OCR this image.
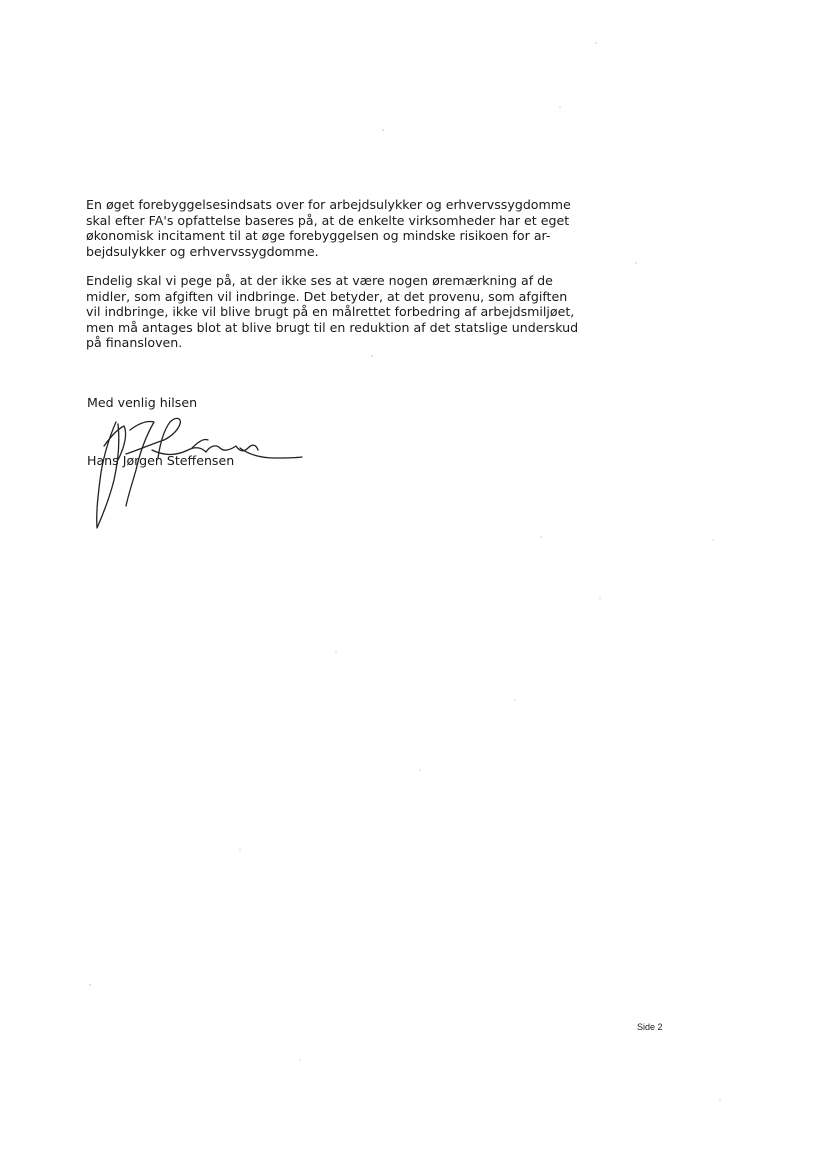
En øget forebyggelsesindsats over for arbejdsulykker og erhvervssygdomme
skal efter FA's opfattelse baseres på, at de enkelte virksomheder har et eget
økonomisk incitament til at øge forebyggelsen og mindske risikoen for ar-
bejdsulykker og erhvervssygdomme.

Endelig skal vi pege på, at der ikke ses at være nogen øremærkning af de
midler, som afgiften vil indbringe. Det betyder, at det provenu, som afgiften
vil indbringe, ikke vil blive brugt på en målrettet forbedring af arbejdsmiljøet,
men må antages blot at blive brugt til en reduktion af det statslige underskud
på finansloven.

Med venlig hilsen
Hans Jørgen Steffensen
Side 2
